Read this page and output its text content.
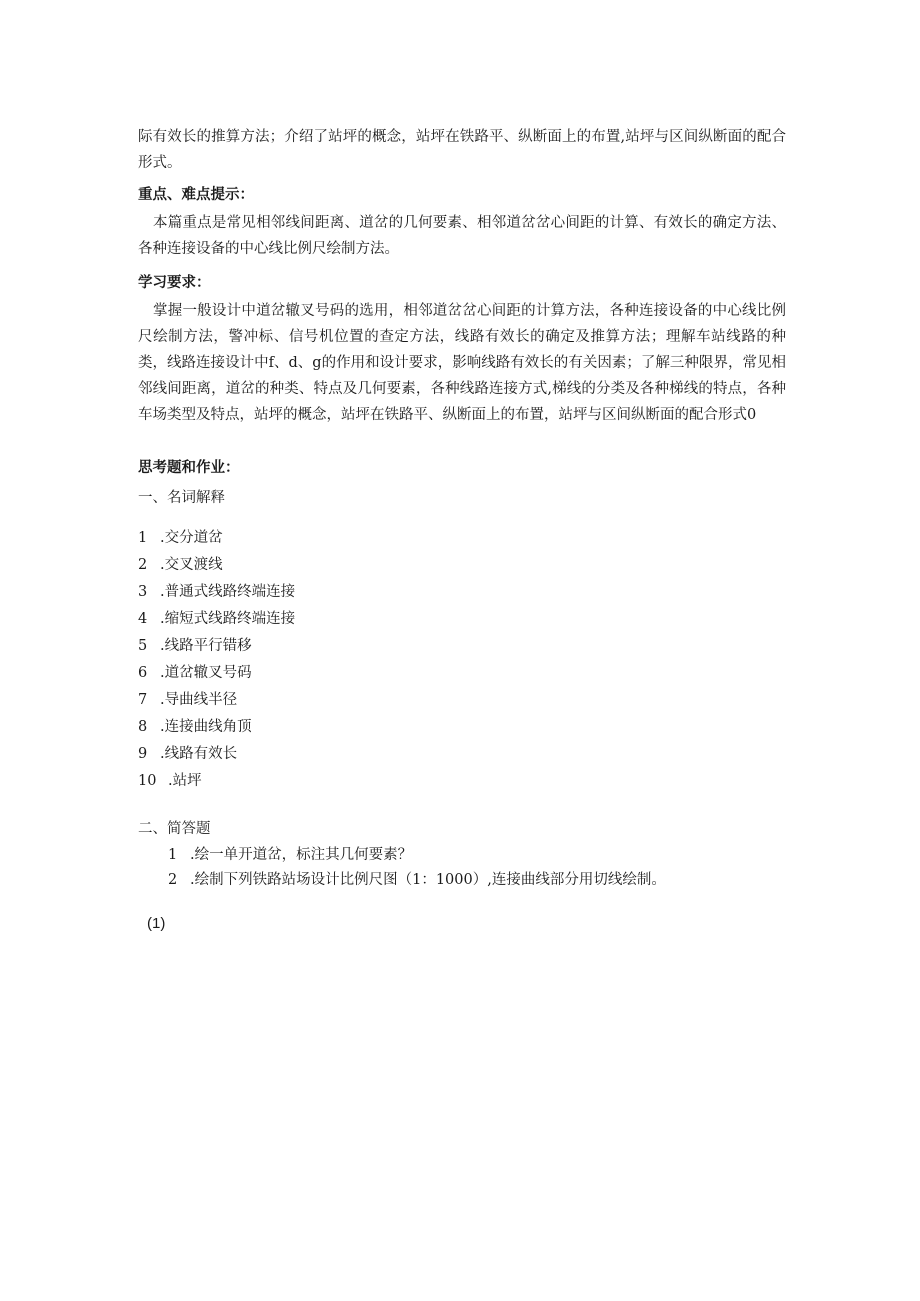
际有效长的推算方法；介绍了站坪的概念，站坪在铁路平、纵断面上的布置,站坪与区间纵断面的配合形式。

重点、难点提示：

本篇重点是常见相邻线间距离、道岔的几何要素、相邻道岔岔心间距的计算、有效长的确定方法、各种连接设备的中心线比例尺绘制方法。

学习要求：

掌握一般设计中道岔辙叉号码的选用，相邻道岔岔心间距的计算方法，各种连接设备的中心线比例尺绘制方法，警冲标、信号机位置的查定方法，线路有效长的确定及推算方法；理解车站线路的种类，线路连接设计中f、d、g的作用和设计要求，影响线路有效长的有关因素；了解三种限界，常见相邻线间距离，道岔的种类、特点及几何要素，各种线路连接方式,梯线的分类及各种梯线的特点，各种车场类型及特点，站坪的概念，站坪在铁路平、纵断面上的布置，站坪与区间纵断面的配合形式0

思考题和作业：

一、名词解释

1 .交分道岔

2 .交叉渡线

3 .普通式线路终端连接

4 .缩短式线路终端连接

5 .线路平行错移

6 .道岔辙叉号码

7 .导曲线半径

8 .连接曲线角顶

9 .线路有效长

10 .站坪

二、简答题

1 .绘一单开道岔，标注其几何要素？

2 .绘制下列铁路站场设计比例尺图（1：1000）,连接曲线部分用切线绘制。

(1)
